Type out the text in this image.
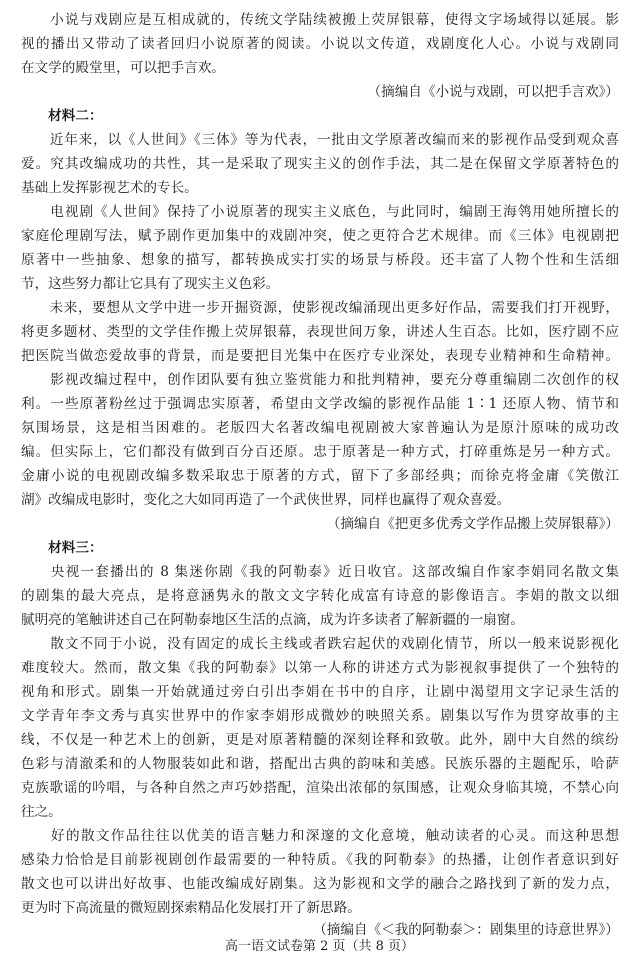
　　小说与戏剧应是互相成就的，传统文学陆续被搬上荧屏银幕，使得文字场域得以延展。影
视的播出又带动了读者回归小说原著的阅读。小说以文传道，戏剧度化人心。小说与戏剧同
在文学的殿堂里，可以把手言欢。
（摘编自《小说与戏剧，可以把手言欢》）
　　材料二：
　　近年来，以《人世间》《三体》等为代表，一批由文学原著改编而来的影视作品受到观众喜
爱。究其改编成功的共性，其一是采取了现实主义的创作手法，其二是在保留文学原著特色的
基础上发挥影视艺术的专长。
　　电视剧《人世间》保持了小说原著的现实主义底色，与此同时，编剧王海鸰用她所擅长的
家庭伦理剧写法，赋予剧作更加集中的戏剧冲突，使之更符合艺术规律。而《三体》电视剧把
原著中一些抽象、想象的描写，都转换成实打实的场景与桥段。还丰富了人物个性和生活细
节，这些努力都让它具有了现实主义色彩。
　　未来，要想从文学中进一步开掘资源，使影视改编涌现出更多好作品，需要我们打开视野，
将更多题材、类型的文学佳作搬上荧屏银幕，表现世间万象，讲述人生百态。比如，医疗剧不应
把医院当做恋爱故事的背景，而是要把目光集中在医疗专业深处，表现专业精神和生命精神。
　　影视改编过程中，创作团队要有独立鉴赏能力和批判精神，要充分尊重编剧二次创作的权
利。一些原著粉丝过于强调忠实原著，希望由文学改编的影视作品能 1∶1 还原人物、情节和
氛围场景，这是相当困难的。老版四大名著改编电视剧被大家普遍认为是原汁原味的成功改
编。但实际上，它们都没有做到百分百还原。忠于原著是一种方式，打碎重炼是另一种方式。
金庸小说的电视剧改编多数采取忠于原著的方式，留下了多部经典；而徐克将金庸《笑傲江
湖》改编成电影时，变化之大如同再造了一个武侠世界，同样也赢得了观众喜爱。
（摘编自《把更多优秀文学作品搬上荧屏银幕》）
　　材料三：
　　央视一套播出的 8 集迷你剧《我的阿勒泰》近日收官。这部改编自作家李娟同名散文集
的剧集的最大亮点，是将意涵隽永的散文文字转化成富有诗意的影像语言。李娟的散文以细
腻明亮的笔触讲述自己在阿勒泰地区生活的点滴，成为许多读者了解新疆的一扇窗。
　　散文不同于小说，没有固定的成长主线或者跌宕起伏的戏剧化情节，所以一般来说影视化
难度较大。然而，散文集《我的阿勒泰》以第一人称的讲述方式为影视叙事提供了一个独特的
视角和形式。剧集一开始就通过旁白引出李娟在书中的自序，让剧中渴望用文字记录生活的
文学青年李文秀与真实世界中的作家李娟形成微妙的映照关系。剧集以写作为贯穿故事的主
线，不仅是一种艺术上的创新，更是对原著精髓的深刻诠释和致敬。此外，剧中大自然的缤纷
色彩与清澈柔和的人物服装如此和谐，搭配出古典的韵味和美感。民族乐器的主题配乐，哈萨
克族歌谣的吟唱，与各种自然之声巧妙搭配，渲染出浓郁的氛围感，让观众身临其境，不禁心向
往之。
　　好的散文作品往往以优美的语言魅力和深邃的文化意境，触动读者的心灵。而这种思想
感染力恰恰是目前影视剧创作最需要的一种特质。《我的阿勒泰》的热播，让创作者意识到好
散文也可以讲出好故事、也能改编成好剧集。这为影视和文学的融合之路找到了新的发力点，
更为时下高流量的微短剧探索精品化发展打开了新思路。
（摘编自《＜我的阿勒泰＞：剧集里的诗意世界》）
高一语文试卷第 2 页（共 8 页）
